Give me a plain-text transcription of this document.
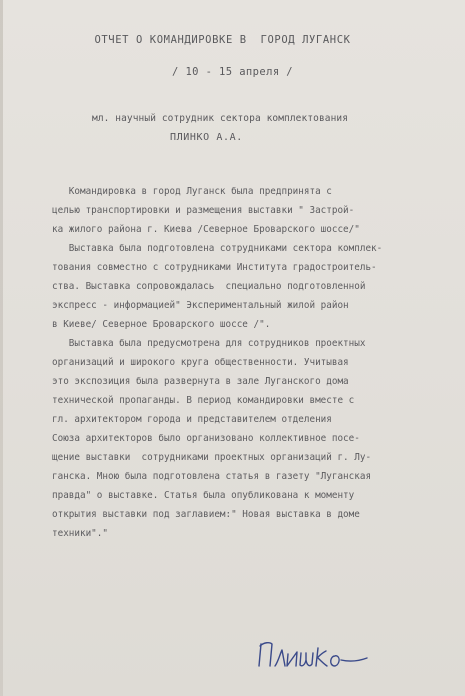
ОТЧЕТ О КОМАНДИРОВКЕ В  ГОРОД ЛУГАНСК
/ 10 - 15 апреля /
мл. научный сотрудник сектора комплектования
ПЛИНКО А.А.
Командировка в город Луганск была предпринята с
целью транспортировки и размещения выставки " Застрой-
ка жилого района г. Киева /Северное Броварского шоссе/"
Выставка была подготовлена сотрудниками сектора комплек-
тования совместно с сотрудниками Института градостроитель-
ства. Выставка сопровождалась  специально подготовленной
экспресс - информацией" Экспериментальный жилой район
в Киеве/ Северное Броварского шоссе /".
Выставка была предусмотрена для сотрудников проектных
организаций и широкого круга общественности. Учитывая
это экспозиция была развернута в зале Луганского дома
технической пропаганды. В период командировки вместе с
гл. архитектором города и представителем отделения
Союза архитекторов было организовано коллективное посе-
щение выставки  сотрудниками проектных организаций г. Лу-
ганска. Мною была подготовлена статья в газету "Луганская
правда" о выставке. Статья была опубликована к моменту
открытия выставки под заглавием:" Новая выставка в доме
техники"."
